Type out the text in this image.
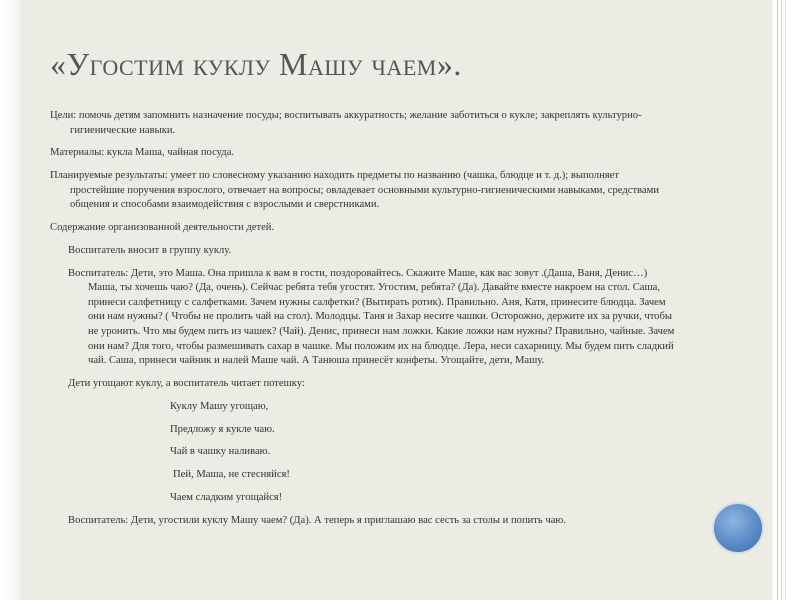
«Угостим куклу Машу чаем».

Цели: помочь детям запомнить назначение посуды; воспитывать аккуратность; желание заботиться о кукле; закреплять культурно-гигиенические навыки.

Материалы: кукла Маша, чайная посуда.

Планируемые результаты: умеет по словесному указанию находить предметы по названию (чашка, блюдце и т. д.); выполняет простейшие поручения взрослого, отвечает на вопросы; овладевает основными культурно-гигиеническими навыками, средствами общения и способами взаимодействия с взрослыми и сверстниками.

Содержание организованной деятельности детей.

Воспитатель вносит в группу куклу.

Воспитатель: Дети, это Маша. Она пришла к вам в гости, поздоровайтесь. Скажите Маше, как вас зовут .(Даша, Ваня, Денис…) Маша, ты хочешь чаю? (Да, очень). Сейчас ребята тебя угостят. Угостим, ребята? (Да). Давайте вместе накроем на стол. Саша, принеси салфетницу с салфетками. Зачем нужны салфетки? (Вытирать ротик). Правильно. Аня, Катя, принесите блюдца. Зачем они нам нужны? ( Чтобы не пролить чай на стол). Молодцы. Таня и Захар несите чашки. Осторожно, держите их за ручки, чтобы не уронить. Что мы будем пить из чашек? (Чай). Денис, принеси нам ложки. Какие ложки нам нужны? Правильно, чайные. Зачем они нам? Для того, чтобы размешивать сахар в чашке. Мы положим их на блюдце. Лера, неси сахарницу. Мы будем пить сладкий чай. Саша, принеси чайник и налей Маше чай. А Танюша принесёт конфеты. Угощайте, дети, Машу.

Дети угощают куклу, а воспитатель читает потешку:

Куклу Машу угощаю,

Предложу я кукле чаю.

Чай в чашку наливаю.

Пей, Маша, не стесняйся!

Чаем сладким угощайся!

Воспитатель: Дети, угостили куклу Машу чаем? (Да). А теперь я приглашаю вас сесть за столы и попить чаю.
